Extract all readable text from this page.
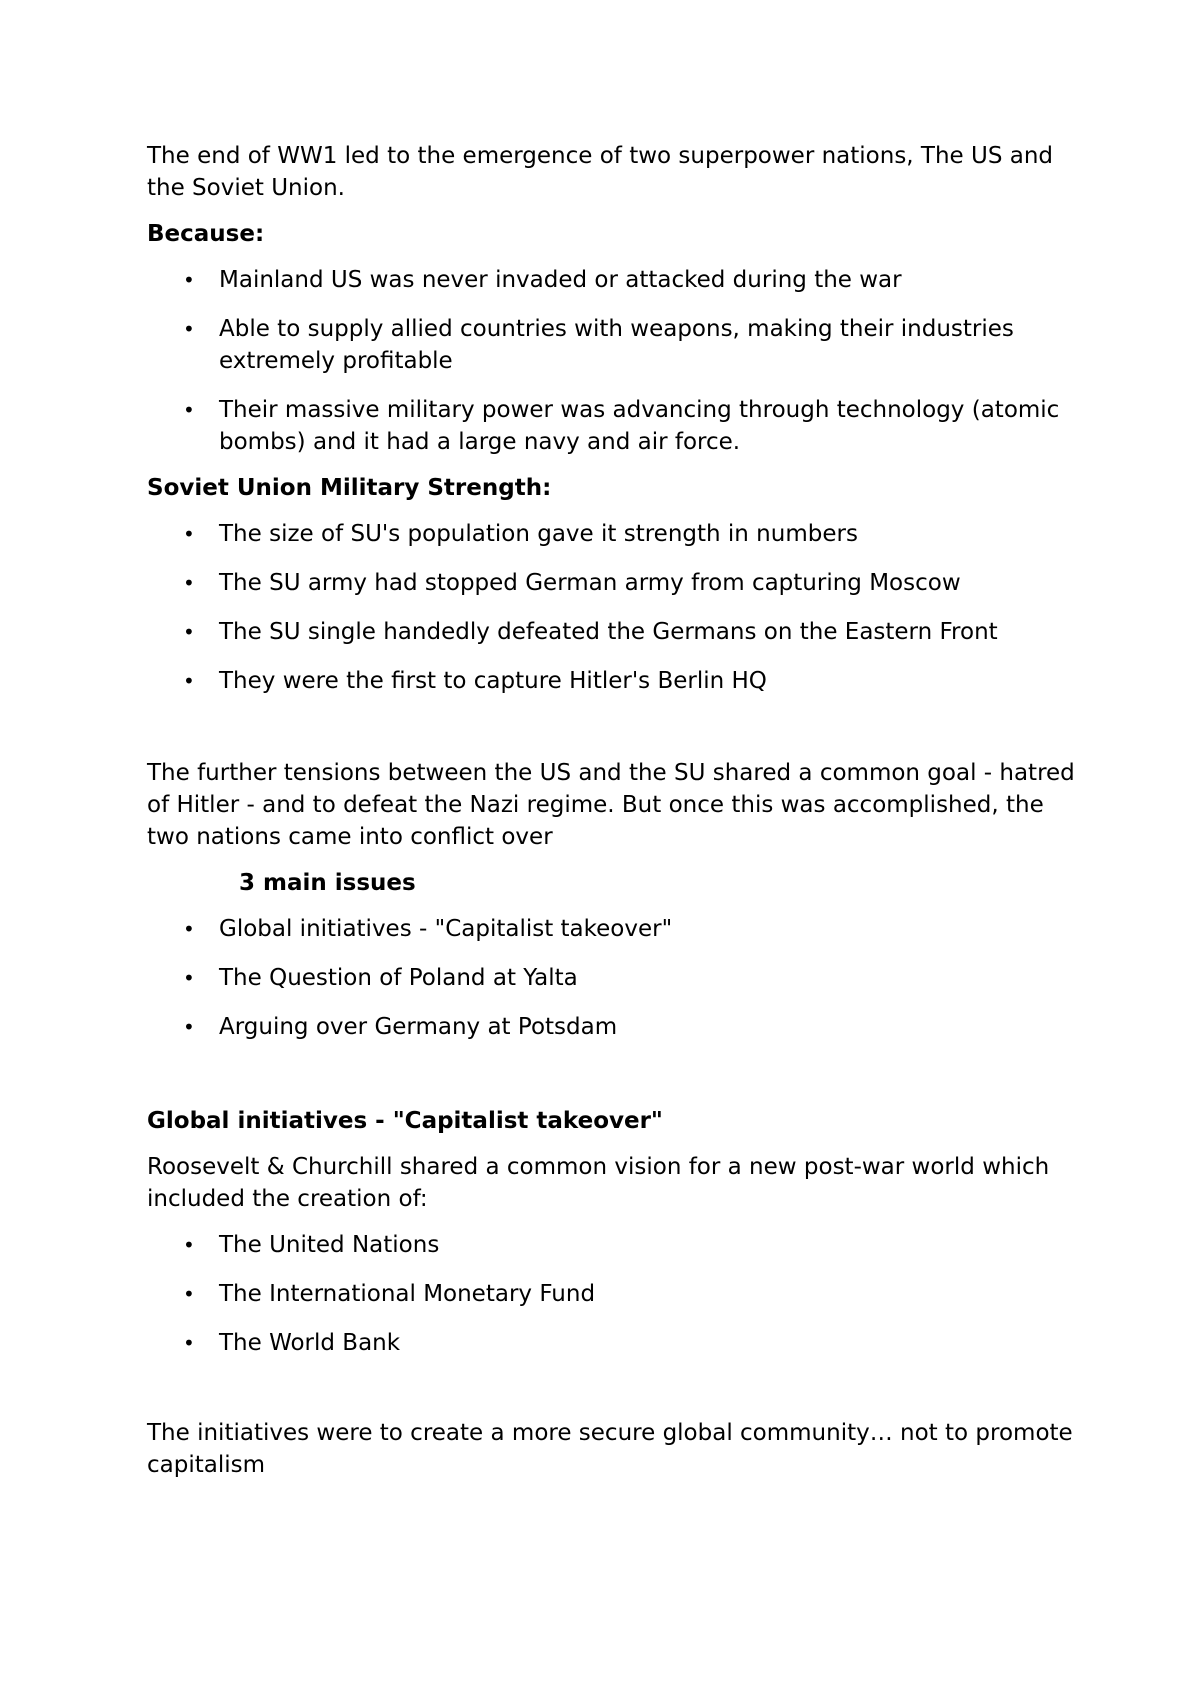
The end of WW1 led to the emergence of two superpower nations, The US and the Soviet Union.

Because:

• Mainland US was never invaded or attacked during the war
• Able to supply allied countries with weapons, making their industries extremely profitable
• Their massive military power was advancing through technology (atomic bombs) and it had a large navy and air force.

Soviet Union Military Strength:

• The size of SU's population gave it strength in numbers
• The SU army had stopped German army from capturing Moscow
• The SU single handedly defeated the Germans on the Eastern Front
• They were the first to capture Hitler's Berlin HQ

The further tensions between the US and the SU shared a common goal - hatred of Hitler - and to defeat the Nazi regime. But once this was accomplished, the two nations came into conflict over

3 main issues

• Global initiatives - "Capitalist takeover"
• The Question of Poland at Yalta
• Arguing over Germany at Potsdam

Global initiatives - "Capitalist takeover"

Roosevelt & Churchill shared a common vision for a new post-war world which included the creation of:

• The United Nations
• The International Monetary Fund
• The World Bank

The initiatives were to create a more secure global community… not to promote capitalism
